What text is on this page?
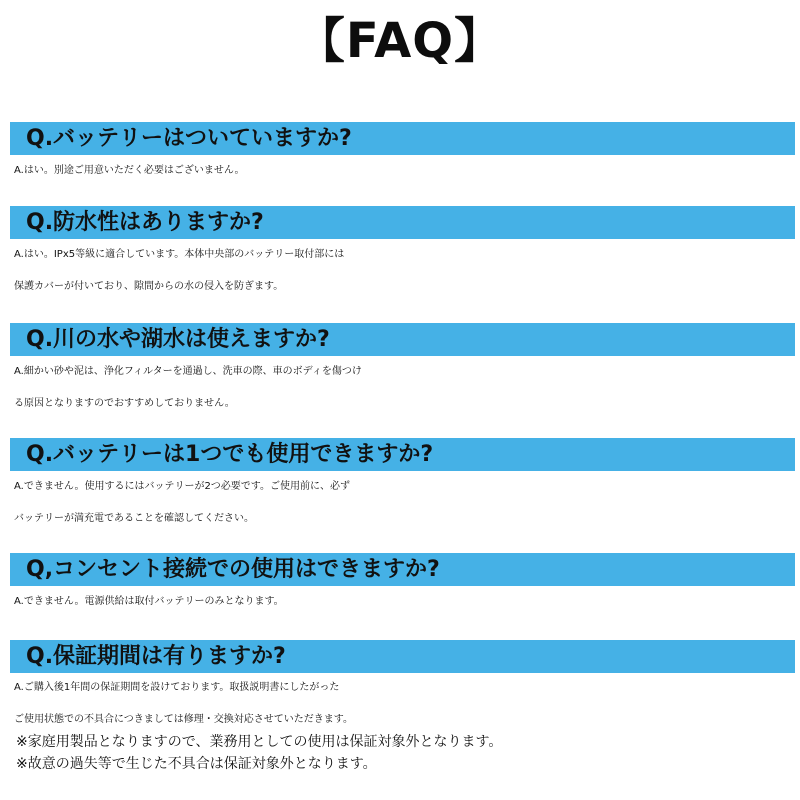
【FAQ】
Q.バッテリーはついていますか?
A.はい。別途ご用意いただく必要はございません。
Q.防水性はありますか?
A.はい。IPx5等級に適合しています。本体中央部のバッテリー取付部には
保護カバーが付いており、隙間からの水の侵入を防ぎます。
Q.川の水や湖水は使えますか?
A.細かい砂や泥は、浄化フィルターを通過し、洗車の際、車のボディを傷つけ
る原因となりますのでおすすめしておりません。
Q.バッテリーは1つでも使用できますか?
A.できません。使用するにはバッテリーが2つ必要です。ご使用前に、必ず
バッテリーが満充電であることを確認してください。
Q,コンセント接続での使用はできますか?
A.できません。電源供給は取付バッテリーのみとなります。
Q.保証期間は有りますか?
A.ご購入後1年間の保証期間を設けております。取扱説明書にしたがった
ご使用状態での不具合につきましては修理・交換対応させていただきます。
※家庭用製品となりますので、業務用としての使用は保証対象外となります。
※故意の過失等で生じた不具合は保証対象外となります。
